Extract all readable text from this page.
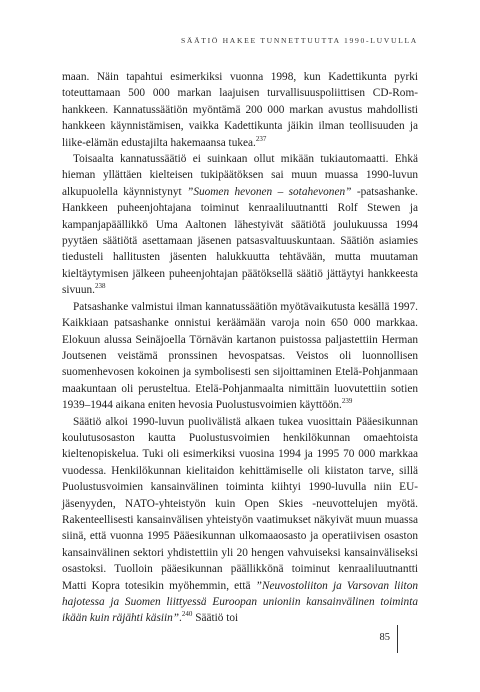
SÄÄTIÖ HAKEE TUNNETTUUTTA 1990-LUVULLA

maan. Näin tapahtui esimerkiksi vuonna 1998, kun Kadettikunta pyrki toteuttamaan 500 000 markan laajuisen turvallisuuspoliittisen CD-Rom-hankkeen. Kannatussäätiön myöntämä 200 000 markan avustus mahdollisti hankkeen käynnistämisen, vaikka Kadettikunta jäikin ilman teollisuuden ja liike-elämän edustajilta hakemaansa tukea.$^{237}$

Toisaalta kannatussäätiö ei suinkaan ollut mikään tukiautomaatti. Ehkä hieman yllättäen kielteisen tukipäätöksen sai muun muassa 1990-luvun alkupuolella käynnistynyt ”Suomen hevonen – sotahevonen” -patsashanke. Hankkeen puheenjohtajana toiminut kenraaliluutnantti Rolf Stewen ja kampanjapäällikkö Uma Aaltonen lähestyivät säätiötä joulukuussa 1994 pyytäen säätiötä asettamaan jäsenen patsasvaltuuskuntaan. Säätiön asiamies tiedusteli hallitusten jäsenten halukkuutta tehtävään, mutta muutaman kieltäytymisen jälkeen puheenjohtajan päätöksellä säätiö jättäytyi hankkeesta sivuun.$^{238}$

Patsashanke valmistui ilman kannatussäätiön myötävaikutusta kesällä 1997. Kaikkiaan patsashanke onnistui keräämään varoja noin 650 000 markkaa. Elokuun alussa Seinäjoella Törnävän kartanon puistossa paljastettiin Herman Joutsenen veistämä pronssinen hevospatsas. Veistos oli luonnollisen suomenhevosen kokoinen ja symbolisesti sen sijoittaminen Etelä-Pohjanmaan maakuntaan oli perusteltua. Etelä-Pohjanmaalta nimittäin luovutettiin sotien 1939–1944 aikana eniten hevosia Puolustusvoimien käyttöön.$^{239}$

Säätiö alkoi 1990-luvun puolivälistä alkaen tukea vuosittain Pääesikunnan koulutusosaston kautta Puolustusvoimien henkilökunnan omaehtoista kieltenopiskelua. Tuki oli esimerkiksi vuosina 1994 ja 1995 70 000 markkaa vuodessa. Henkilökunnan kielitaidon kehittämiselle oli kiistaton tarve, sillä Puolustusvoimien kansainvälinen toiminta kiihtyi 1990-luvulla niin EU-jäsenyyden, NATO-yhteistyön kuin Open Skies -neuvottelujen myötä. Rakenteellisesti kansainvälisen yhteistyön vaatimukset näkyivät muun muassa siinä, että vuonna 1995 Pääesikunnan ulkomaaosasto ja operatiivisen osaston kansainvälinen sektori yhdistettiin yli 20 hengen vahvuiseksi kansainväliseksi osastoksi. Tuolloin pääesikunnan päällikkönä toiminut kenraaliluutnantti Matti Kopra totesikin myöhemmin, että ”Neuvostoliiton ja Varsovan liiton hajotessa ja Suomen liittyessä Euroopan unioniin kansainvälinen toiminta ikään kuin räjähti käsiin”.$^{240}$ Säätiö toi

85
